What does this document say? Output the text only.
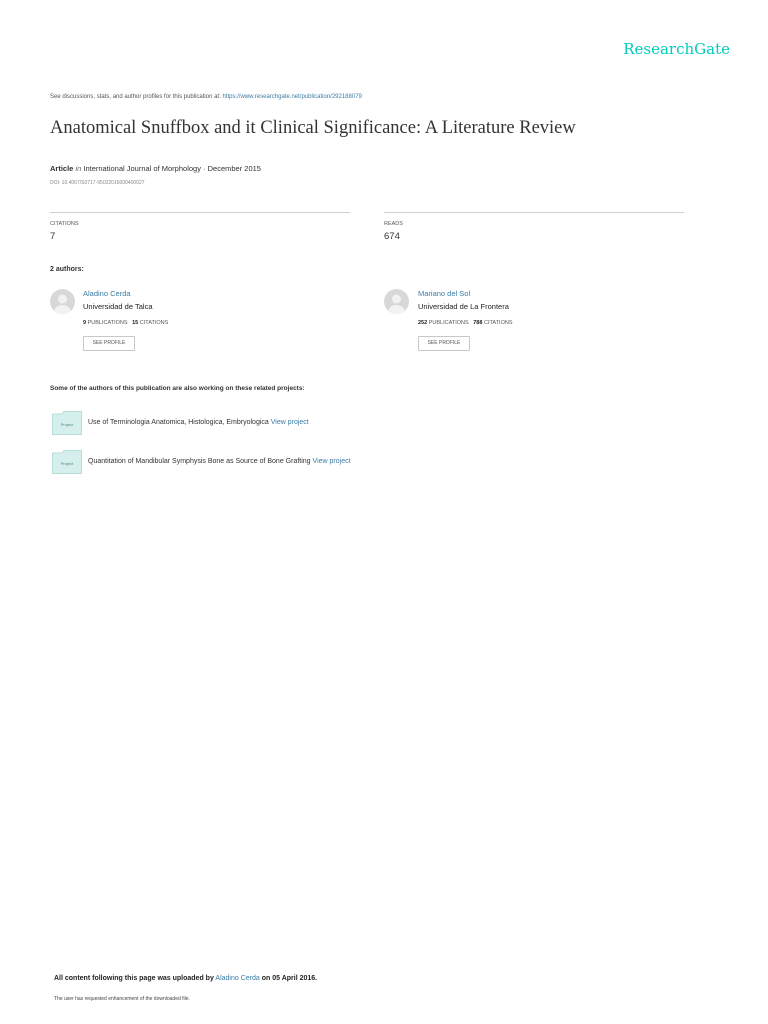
ResearchGate
See discussions, stats, and author profiles for this publication at: https://www.researchgate.net/publication/292188079
Anatomical Snuffbox and it Clinical Significance: A Literature Review
Article in International Journal of Morphology · December 2015
DOI: 10.4067/S0717-95022015000400027
CITATIONS
7
READS
674
2 authors:
Aladino Cerda
Universidad de Talca
9 PUBLICATIONS 15 CITATIONS
SEE PROFILE
Mariano del Sol
Universidad de La Frontera
252 PUBLICATIONS 788 CITATIONS
SEE PROFILE
Some of the authors of this publication are also working on these related projects:
Project Use of Terminologia Anatomica, Histologica, Embryologica View project
Project Quantitation of Mandibular Symphysis Bone as Source of Bone Grafting View project
All content following this page was uploaded by Aladino Cerda on 05 April 2016.
The user has requested enhancement of the downloaded file.
